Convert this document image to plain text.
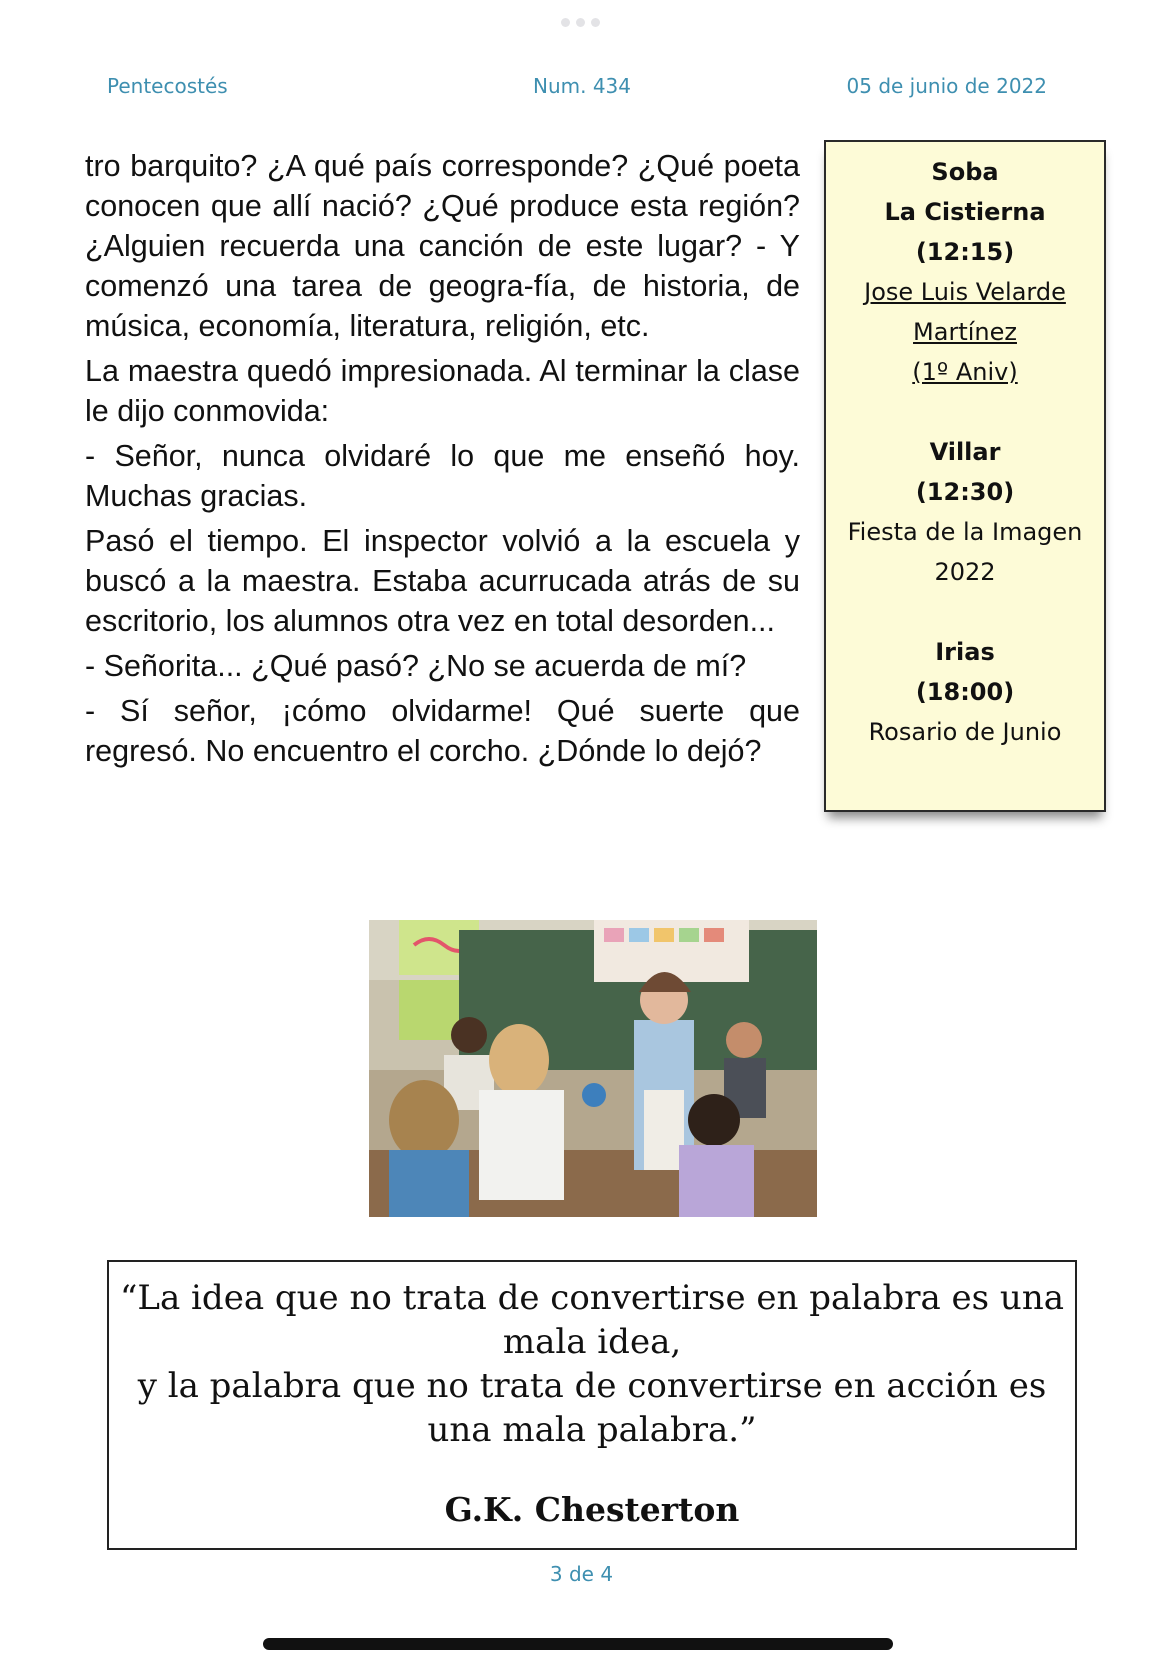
Pentecostés	Num. 434	05 de junio de 2022

tro barquito? ¿A qué país corresponde? ¿Qué poeta conocen que allí nació? ¿Qué produce esta región? ¿Alguien recuerda una canción de este lugar? - Y comenzó una tarea de geogra-fía, de historia, de música, economía, literatura, religión, etc.

La maestra quedó impresionada. Al terminar la clase le dijo conmovida:

- Señor, nunca olvidaré lo que me enseñó hoy. Muchas gracias.

Pasó el tiempo. El inspector volvió a la escuela y buscó a la maestra. Estaba acurrucada atrás de su escritorio, los alumnos otra vez en total desorden...

- Señorita... ¿Qué pasó? ¿No se acuerda de mí?

- Sí señor, ¡cómo olvidarme! Qué suerte que regresó. No encuentro el corcho. ¿Dónde lo dejó?

Soba
La Cistierna
(12:15)
Jose Luis Velarde
Martínez
(1º Aniv)
Villar
(12:30)
Fiesta de la Imagen
2022
Irias
(18:00)
Rosario de Junio
“La idea que no trata de convertirse en palabra es una mala idea,
y la palabra que no trata de convertirse en acción es una mala palabra.”
G.K. Chesterton
3 de 4
